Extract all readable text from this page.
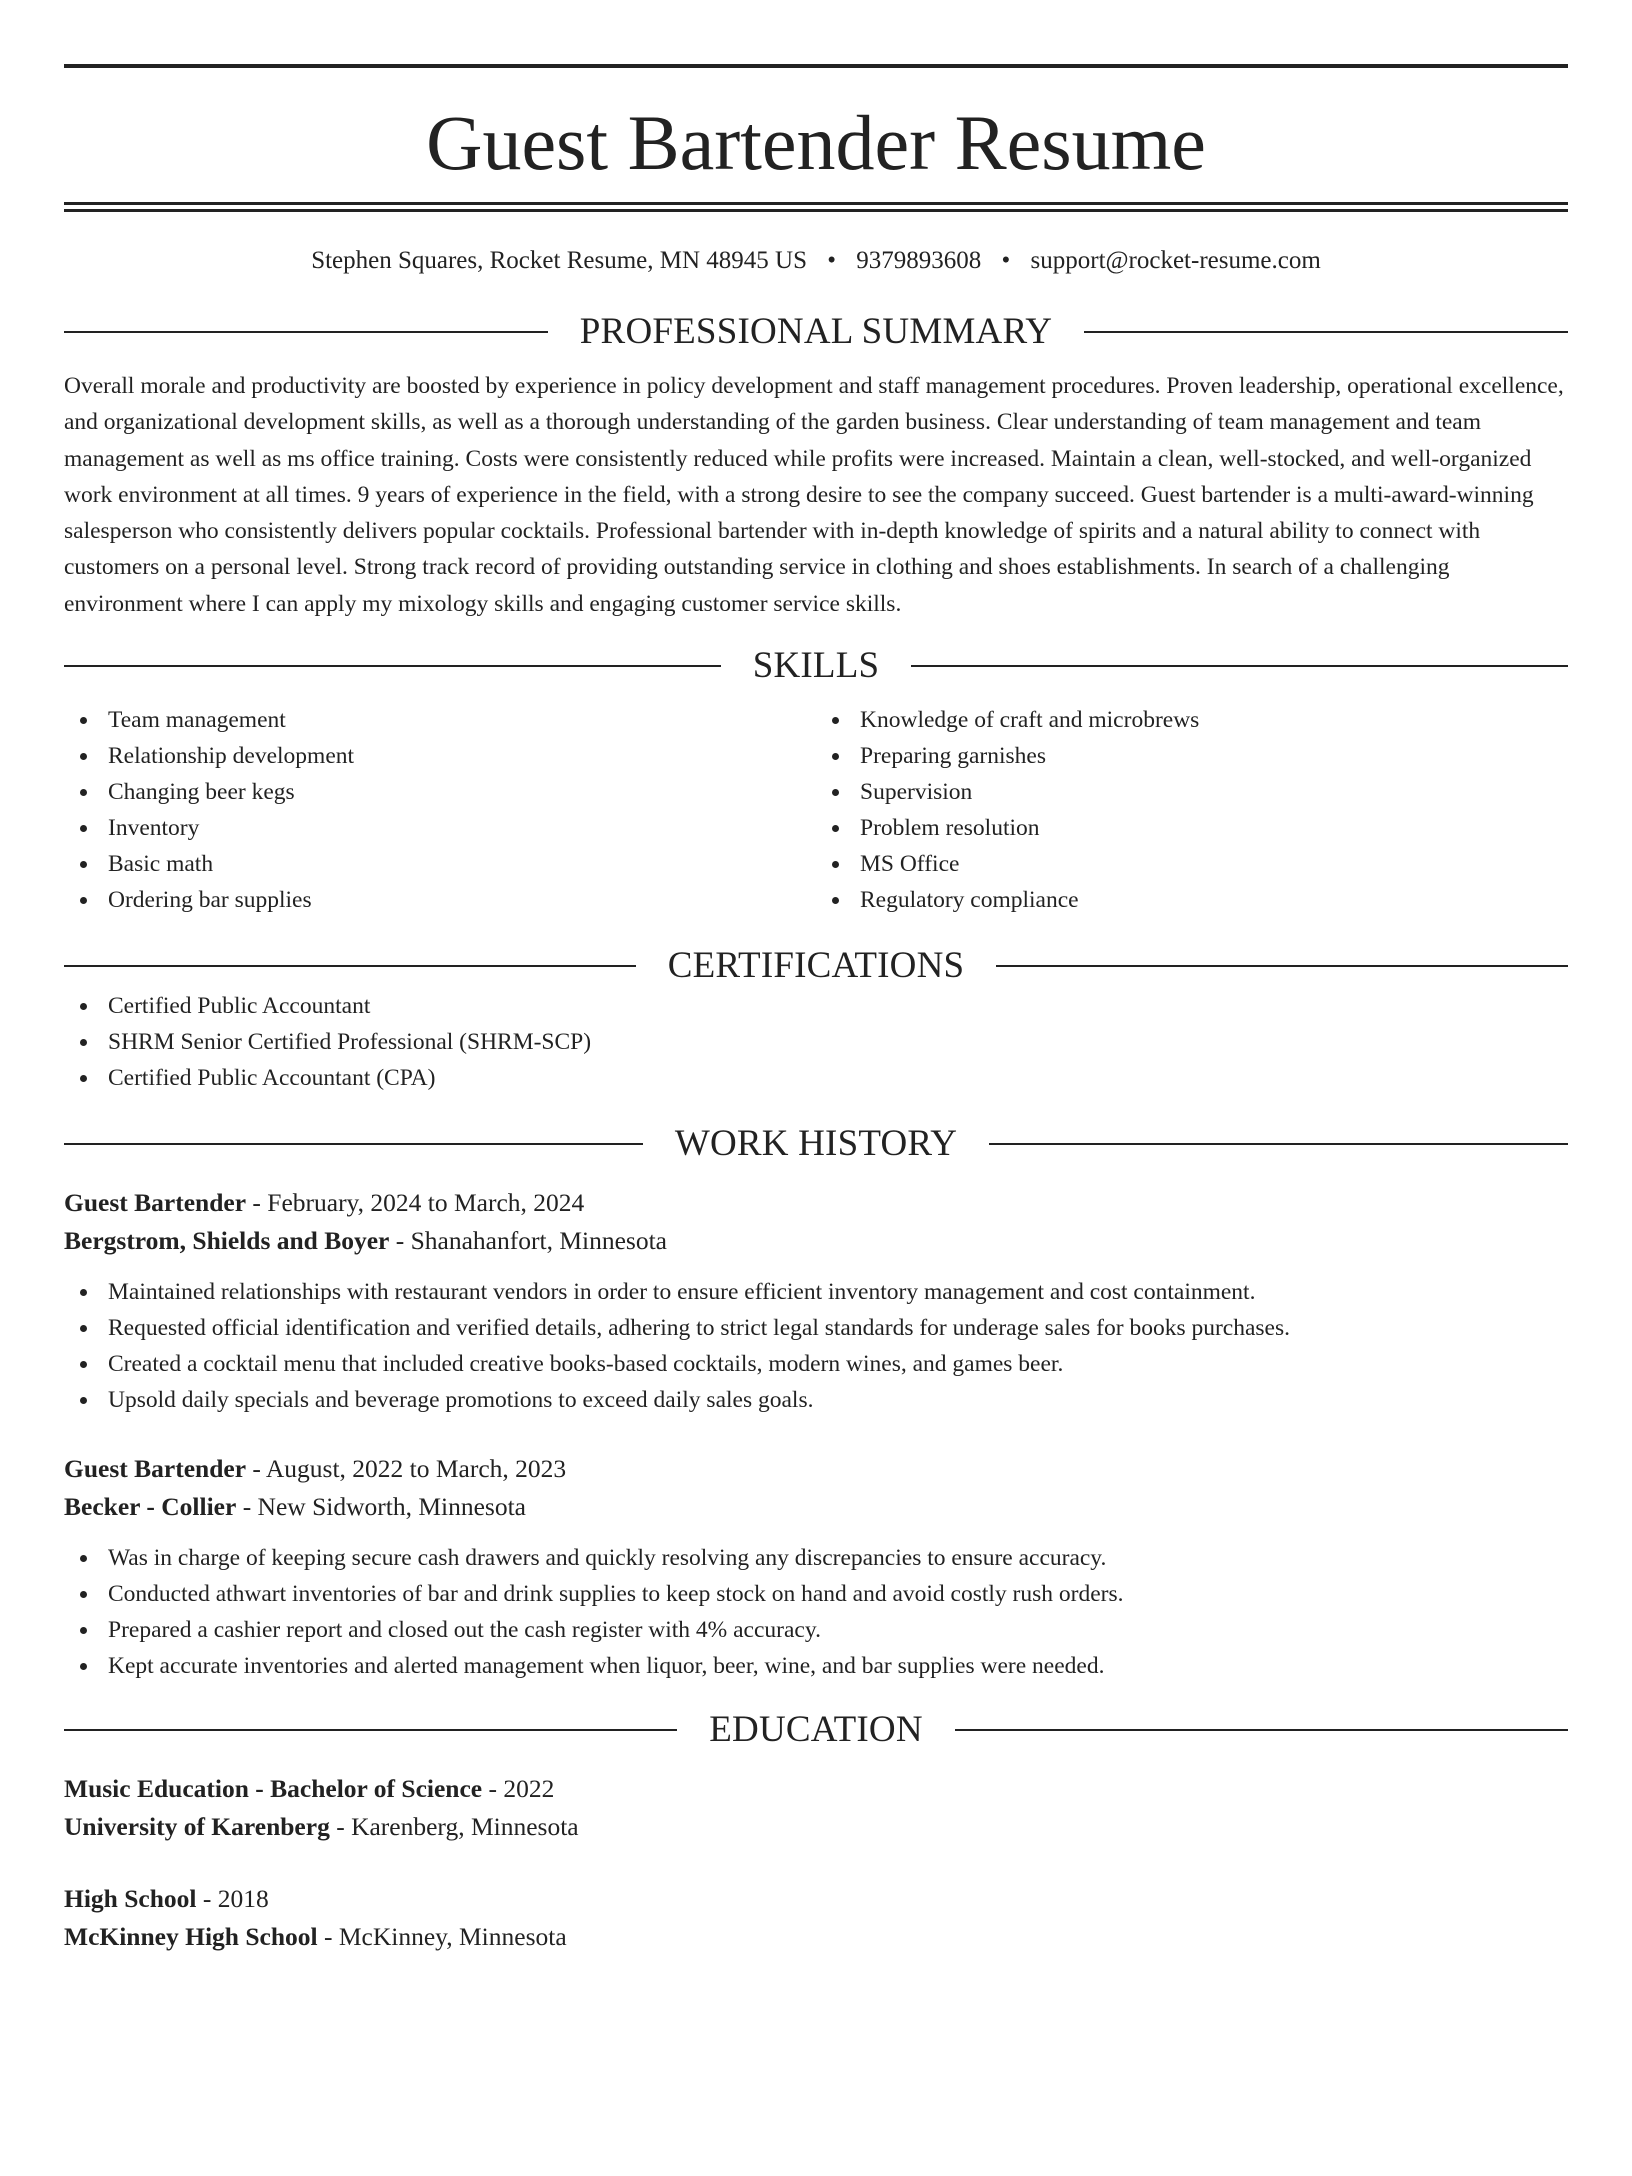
Guest Bartender Resume
Stephen Squares, Rocket Resume, MN 48945 US • 9379893608 • support@rocket-resume.com
PROFESSIONAL SUMMARY

Overall morale and productivity are boosted by experience in policy development and staff management procedures. Proven leadership, operational excellence, and organizational development skills, as well as a thorough understanding of the garden business. Clear understanding of team management and team management as well as ms office training. Costs were consistently reduced while profits were increased. Maintain a clean, well-stocked, and well-organized work environment at all times. 9 years of experience in the field, with a strong desire to see the company succeed. Guest bartender is a multi-award-winning salesperson who consistently delivers popular cocktails. Professional bartender with in-depth knowledge of spirits and a natural ability to connect with customers on a personal level. Strong track record of providing outstanding service in clothing and shoes establishments. In search of a challenging environment where I can apply my mixology skills and engaging customer service skills.

SKILLS
Team management
Relationship development
Changing beer kegs
Inventory
Basic math
Ordering bar supplies
Knowledge of craft and microbrews
Preparing garnishes
Supervision
Problem resolution
MS Office
Regulatory compliance
CERTIFICATIONS
Certified Public Accountant
SHRM Senior Certified Professional (SHRM-SCP)
Certified Public Accountant (CPA)
WORK HISTORY
Guest Bartender - February, 2024 to March, 2024
Bergstrom, Shields and Boyer - Shanahanfort, Minnesota
Maintained relationships with restaurant vendors in order to ensure efficient inventory management and cost containment.
Requested official identification and verified details, adhering to strict legal standards for underage sales for books purchases.
Created a cocktail menu that included creative books-based cocktails, modern wines, and games beer.
Upsold daily specials and beverage promotions to exceed daily sales goals.
Guest Bartender - August, 2022 to March, 2023
Becker - Collier - New Sidworth, Minnesota
Was in charge of keeping secure cash drawers and quickly resolving any discrepancies to ensure accuracy.
Conducted athwart inventories of bar and drink supplies to keep stock on hand and avoid costly rush orders.
Prepared a cashier report and closed out the cash register with 4% accuracy.
Kept accurate inventories and alerted management when liquor, beer, wine, and bar supplies were needed.
EDUCATION
Music Education - Bachelor of Science - 2022
University of Karenberg - Karenberg, Minnesota
High School - 2018
McKinney High School - McKinney, Minnesota
